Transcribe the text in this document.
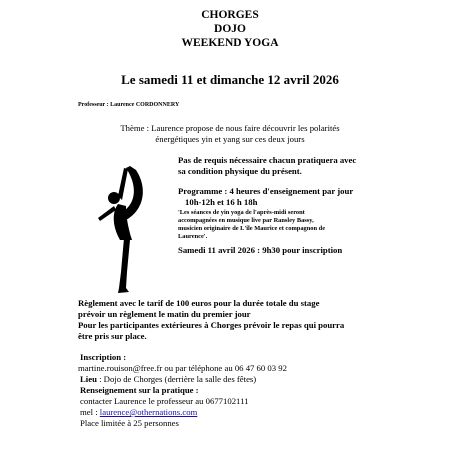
CHORGES
DOJO
WEEKEND YOGA
Le samedi 11 et dimanche 12 avril 2026
Professeur : Laurence CORDONNERY
Thème : Laurence propose de nous faire découvrir les polarités
énergétiques yin et yang sur ces deux jours
Pas de requis nécessaire chacun pratiquera avec
sa condition physique du présent.
Programme : 4 heures d'enseignement par jour
10h-12h et 16 h 18h
'Les séances de yin yoga de l'après-midi seront
accompagnées en musique live par Ransley Bassy,
musicien originaire de L'île Maurice et compagnon de
Laurence'.
Samedi 11 avril 2026 : 9h30 pour inscription
Règlement avec le tarif de 100 euros pour la durée totale du stage
prévoir un règlement le matin du premier jour
Pour les participantes extérieures à Chorges prévoir le repas qui pourra
être pris sur place.
Inscription :
martine.rouison@free.fr ou par téléphone au 06 47 60 03 92
Lieu : Dojo de Chorges (derrière la salle des fêtes)
Renseignement sur la pratique :
contacter Laurence le professeur au 0677102111
mel : laurence@othernations.com
Place limitée à 25 personnes
